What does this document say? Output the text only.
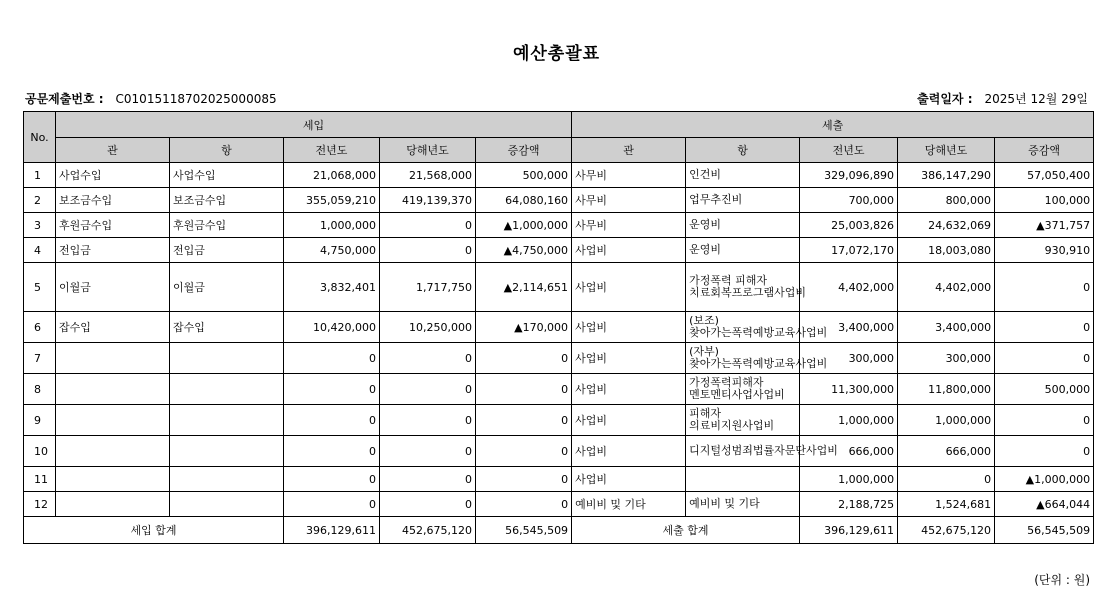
예산총괄표
공문제출번호 : C010151187020250000​85	출력일자 : 2025년 12월 29일
No.	세입					세출				
	관	항	전년도	당해년도	증감액	관	항	전년도	당해년도	증감액
1	사업수입	사업수입	21,068,000	21,568,000	500,000	사무비	인건비	329,096,890	386,147,290	57,050,400
2	보조금수입	보조금수입	355,059,210	419,139,370	64,080,160	사무비	업무추진비	700,000	800,000	100,000
3	후원금수입	후원금수입	1,000,000	0	▲1,000,000	사무비	운영비	25,003,826	24,632,069	▲371,757
4	전입금	전입금	4,750,000	0	▲4,750,000	사업비	운영비	17,072,170	18,003,080	930,910
5	이월금	이월금	3,832,401	1,717,750	▲2,114,651	사업비	가정폭력 피해자 치료회복프로그램사업비	4,402,000	4,402,000	0
6	잡수입	잡수입	10,420,000	10,250,000	▲170,000	사업비	(보조)찾아가는폭력예방교육사업비	3,400,000	3,400,000	0
7			0	0	0	사업비	(자부)찾아가는폭력예방교육사업비	300,000	300,000	0
8			0	0	0	사업비	가정폭력피해자 멘토멘티사업사업비	11,300,000	11,800,000	500,000
9			0	0	0	사업비	피해자 의료비지원사업비	1,000,000	1,000,000	0
10			0	0	0	사업비	디지털성범죄법률자문단사업비	666,000	666,000	0
11			0	0	0	사업비		1,000,000	0	▲1,000,000
12			0	0	0	예비비 및 기타	예비비 및 기타	2,188,725	1,524,681	▲664,044
세입 합계			396,129,611	452,675,120	56,545,509	세출 합계		396,129,611	452,675,120	56,545,509
(단위 : 원)
